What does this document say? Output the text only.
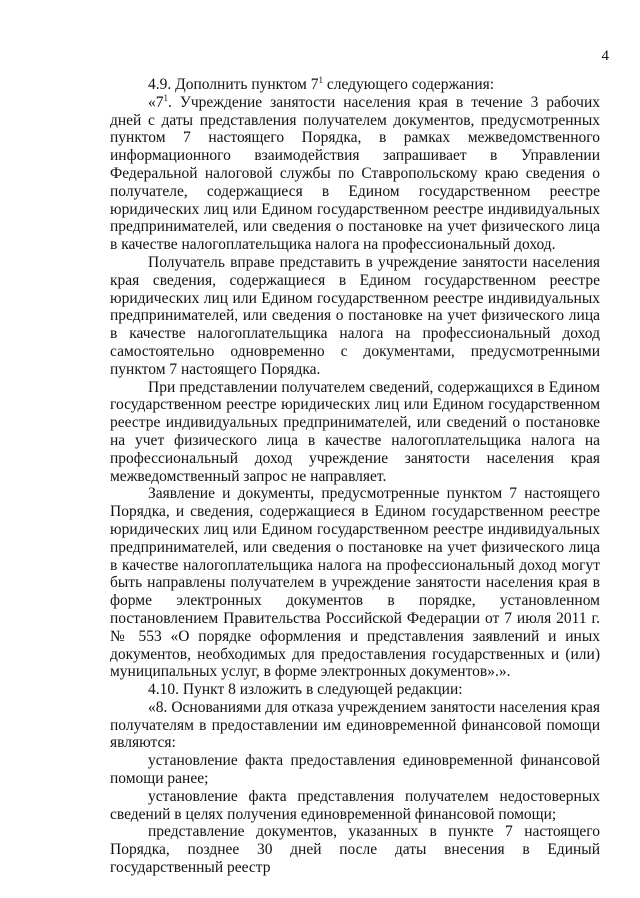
4

4.9. Дополнить пунктом $7^1$ следующего содержания:

«$7^1$. Учреждение занятости населения края в течение 3 рабочих дней с даты представления получателем документов, предусмотренных пунктом 7 настоящего Порядка, в рамках межведомственного информационного взаимодействия запрашивает в Управлении Федеральной налоговой службы по Ставропольскому краю сведения о получателе, содержащиеся в Едином государственном реестре юридических лиц или Едином государственном реестре индивидуальных предпринимателей, или сведения о постановке на учет физического лица в качестве налогоплательщика налога на профессиональный доход.

Получатель вправе представить в учреждение занятости населения края сведения, содержащиеся в Едином государственном реестре юридических лиц или Едином государственном реестре индивидуальных предпринимателей, или сведения о постановке на учет физического лица в качестве налогоплательщика налога на профессиональный доход самостоятельно одновременно с документами, предусмотренными пунктом 7 настоящего Порядка.

При представлении получателем сведений, содержащихся в Едином государственном реестре юридических лиц или Едином государственном реестре индивидуальных предпринимателей, или сведений о постановке на учет физического лица в качестве налогоплательщика налога на профессиональный доход учреждение занятости населения края межведомственный запрос не направляет.

Заявление и документы, предусмотренные пунктом 7 настоящего Порядка, и сведения, содержащиеся в Едином государственном реестре юридических лиц или Едином государственном реестре индивидуальных предпринимателей, или сведения о постановке на учет физического лица в качестве налогоплательщика налога на профессиональный доход могут быть направлены получателем в учреждение занятости населения края в форме электронных документов в порядке, установленном постановлением Правительства Российской Федерации от 7 июля 2011 г. № 553 «О порядке оформления и представления заявлений и иных документов, необходимых для предоставления государственных и (или) муниципальных услуг, в форме электронных документов».».

4.10. Пункт 8 изложить в следующей редакции:

«8. Основаниями для отказа учреждением занятости населения края получателям в предоставлении им единовременной финансовой помощи являются:

установление факта предоставления единовременной финансовой помощи ранее;

установление факта представления получателем недостоверных сведений в целях получения единовременной финансовой помощи;

представление документов, указанных в пункте 7 настоящего Порядка, позднее 30 дней после даты внесения в Единый государственный реестр
